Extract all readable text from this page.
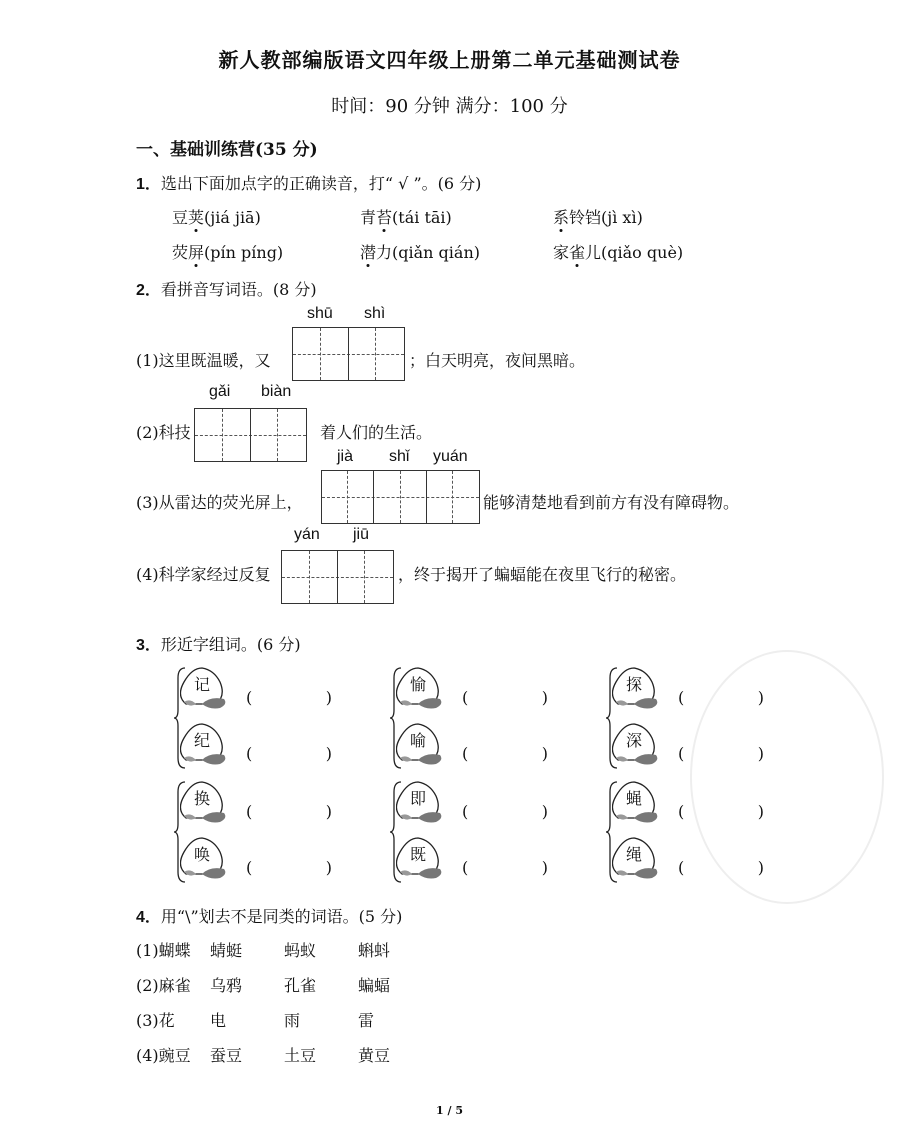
新人教部编版语文四年级上册第二单元基础测试卷
时间：90 分钟 满分：100 分
一、基础训练营(35 分)
1．选出下面加点字的正确读音，打“ √ ”。(6 分)
豆荚(jiá jiā)	青苔(tái tāi)	系铃铛(jì xì)
荧屏(pín píng)	潜力(qiǎn qián)	家雀儿(qiǎo què)
2．看拼音写词语。(8 分)
shū shì
(1)这里既温暖，又	；白天明亮，夜间黑暗。
gǎi biàn
(2)科技	着人们的生活。
jià shǐ yuán
(3)从雷达的荧光屏上，	能够清楚地看到前方有没有障碍物。
yán jiū
(4)科学家经过反复	，终于揭开了蝙蝠能在夜里飞行的秘密。
3．形近字组词。(6 分)
记
(	)
纪
(	)
愉
(	)
喻
(	)
探
(	)
深
(	)
换
(	)
唤
(	)
即
(	)
既
(	)
蝇
(	)
绳
(	)
4．用“\”划去不是同类的词语。(5 分)
(1)蝴蝶 蜻蜓	蚂蚁	蝌蚪
(2)麻雀 乌鸦	孔雀	蝙蝠
(3)花 电	雨	雷
(4)豌豆 蚕豆	土豆	黄豆
1 / 5
